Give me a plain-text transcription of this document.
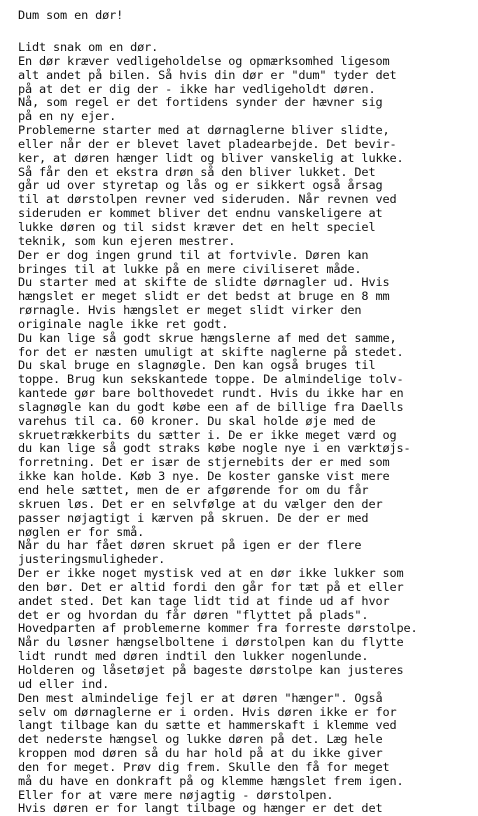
Dum som en dør!
Lidt snak om en dør.
En dør kræver vedligeholdelse og opmærksomhed ligesom
alt andet på bilen. Så hvis din dør er "dum" tyder det
på at det er dig der - ikke har vedligeholdt døren.
Nå, som regel er det fortidens synder der hævner sig
på en ny ejer.
Problemerne starter med at dørnaglerne bliver slidte,
eller når der er blevet lavet pladearbejde. Det bevir-
ker, at døren hænger lidt og bliver vanskelig at lukke.
Så får den et ekstra drøn så den bliver lukket. Det
går ud over styretap og lås og er sikkert også årsag
til at dørstolpen revner ved sideruden. Når revnen ved
sideruden er kommet bliver det endnu vanskeligere at
lukke døren og til sidst kræver det en helt speciel
teknik, som kun ejeren mestrer.
Der er dog ingen grund til at fortvivle. Døren kan
bringes til at lukke på en mere civiliseret måde.
Du starter med at skifte de slidte dørnagler ud. Hvis
hængslet er meget slidt er det bedst at bruge en 8 mm
rørnagle. Hvis hængslet er meget slidt virker den
originale nagle ikke ret godt.
Du kan lige så godt skrue hængslerne af med det samme,
for det er næsten umuligt at skifte naglerne på stedet.
Du skal bruge en slagnøgle. Den kan også bruges til
toppe. Brug kun sekskantede toppe. De almindelige tolv-
kantede gør bare bolthovedet rundt. Hvis du ikke har en
slagnøgle kan du godt købe een af de billige fra Daells
varehus til ca. 60 kroner. Du skal holde øje med de
skruetrækkerbits du sætter i. De er ikke meget værd og
du kan lige så godt straks købe nogle nye i en værktøjs-
forretning. Det er især de stjernebits der er med som
ikke kan holde. Køb 3 nye. De koster ganske vist mere
end hele sættet, men de er afgørende for om du får
skruen løs. Det er en selvfølge at du vælger den der
passer nøjagtigt i kærven på skruen. De der er med
nøglen er for små.
Når du har fået døren skruet på igen er der flere
justeringsmuligheder.
Der er ikke noget mystisk ved at en dør ikke lukker som
den bør. Det er altid fordi den går for tæt på et eller
andet sted. Det kan tage lidt tid at finde ud af hvor
det er og hvordan du får døren "flyttet på plads".
Hovedparten af problemerne kommer fra forreste dørstolpe.
Når du løsner hængselboltene i dørstolpen kan du flytte
lidt rundt med døren indtil den lukker nogenlunde.
Holderen og låsetøjet på bageste dørstolpe kan justeres
ud eller ind.
Den mest almindelige fejl er at døren "hænger". Også
selv om dørnaglerne er i orden. Hvis døren ikke er for
langt tilbage kan du sætte et hammerskaft i klemme ved
det nederste hængsel og lukke døren på det. Læg hele
kroppen mod døren så du har hold på at du ikke giver
den for meget. Prøv dig frem. Skulle den få for meget
må du have en donkraft på og klemme hængslet frem igen.
Eller for at være mere nøjagtig - dørstolpen.
Hvis døren er for langt tilbage og hænger er det det
